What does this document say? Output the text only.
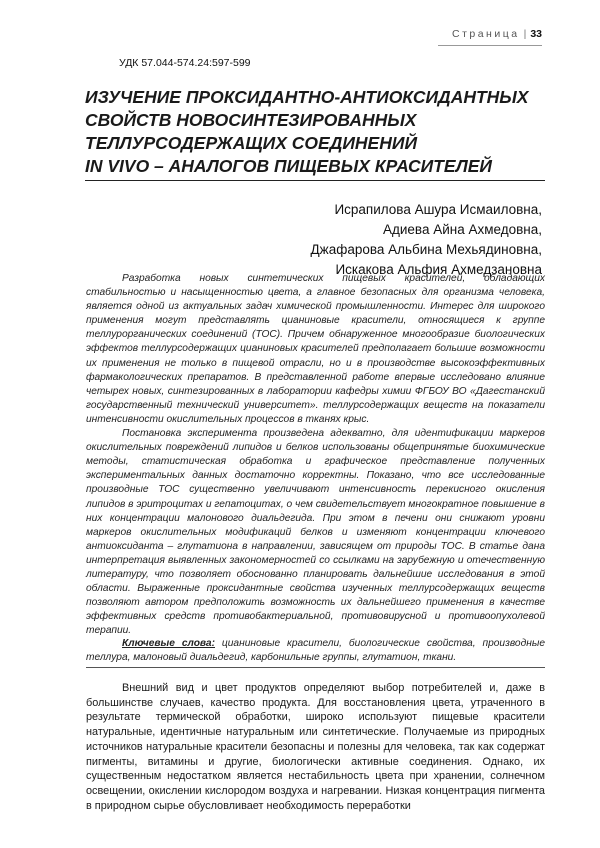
Страница | 33
УДК 57.044-574.24:597-599
ИЗУЧЕНИЕ ПРОКСИДАНТНО-АНТИОКСИДАНТНЫХ
СВОЙСТВ НОВОСИНТЕЗИРОВАННЫХ
ТЕЛЛУРСОДЕРЖАЩИХ СОЕДИНЕНИЙ
IN VIVO – АНАЛОГОВ ПИЩЕВЫХ КРАСИТЕЛЕЙ
Исрапилова Ашура Исмаиловна,
Адиева Айна Ахмедовна,
Джафарова Альбина Мехьядиновна,
Искакова Альфия Ахмедзановна

Разработка новых синтетических пищевых красителей, обладающих стабильностью и насыщенностью цвета, а главное безопасных для организма человека, является одной из актуальных задач химической промышленности. Интерес для широкого применения могут представлять цианиновые красители, относящиеся к группе теллурорганических соединений (ТОС). Причем обнаруженное многообразие биологических эффектов теллурсодержащих цианиновых красителей предполагает большие возможности их применения не только в пищевой отрасли, но и в производстве высокоэффективных фармакологических препаратов. В представленной работе впервые исследовано влияние четырех новых, синтезированных в лаборатории кафедры химии ФГБОУ ВО «Дагестанский государственный технический университет». теллурсодержащих веществ на показатели интенсивности окислительных процессов в тканях крыс.

Постановка эксперимента произведена адекватно, для идентификации маркеров окислительных повреждений липидов и белков использованы общепринятые биохимические методы, статистическая обработка и графическое представление полученных экспериментальных данных достаточно корректны. Показано, что все исследованные производные ТОС существенно увеличивают интенсивность перекисного окисления липидов в эритроцитах и гепатоцитах, о чем свидетельствует многократное повышение в них концентрации малонового диальдегида. При этом в печени они снижают уровни маркеров окислительных модификаций белков и изменяют концентрации ключевого антиоксиданта – глутатиона в направлении, зависящем от природы ТОС. В статье дана интерпретация выявленных закономерностей со ссылками на зарубежную и отечественную литературу, что позволяет обоснованно планировать дальнейшие исследования в этой области. Выраженные проксидантные свойства изученных теллурсодержащих веществ позволяют автором предположить возможность их дальнейшего применения в качестве эффективных средств противобактериальной, противовирусной и противоопухолевой терапии.

Ключевые слова: цианиновые красители, биологические свойства, производные теллура, малоновый диальдегид, карбонильные группы, глутатион, ткани.

Внешний вид и цвет продуктов определяют выбор потребителей и, даже в большинстве случаев, качество продукта. Для восстановления цвета, утраченного в результате термической обработки, широко используют пищевые красители натуральные, идентичные натуральным или синтетические. Получаемые из природных источников натуральные красители безопасны и полезны для человека, так как содержат пигменты, витамины и другие, биологически активные соединения. Однако, их существенным недостатком является нестабильность цвета при хранении, солнечном освещении, окислении кислородом воздуха и нагревании. Низкая концентрация пигмента в природном сырье обусловливает необходимость переработки
